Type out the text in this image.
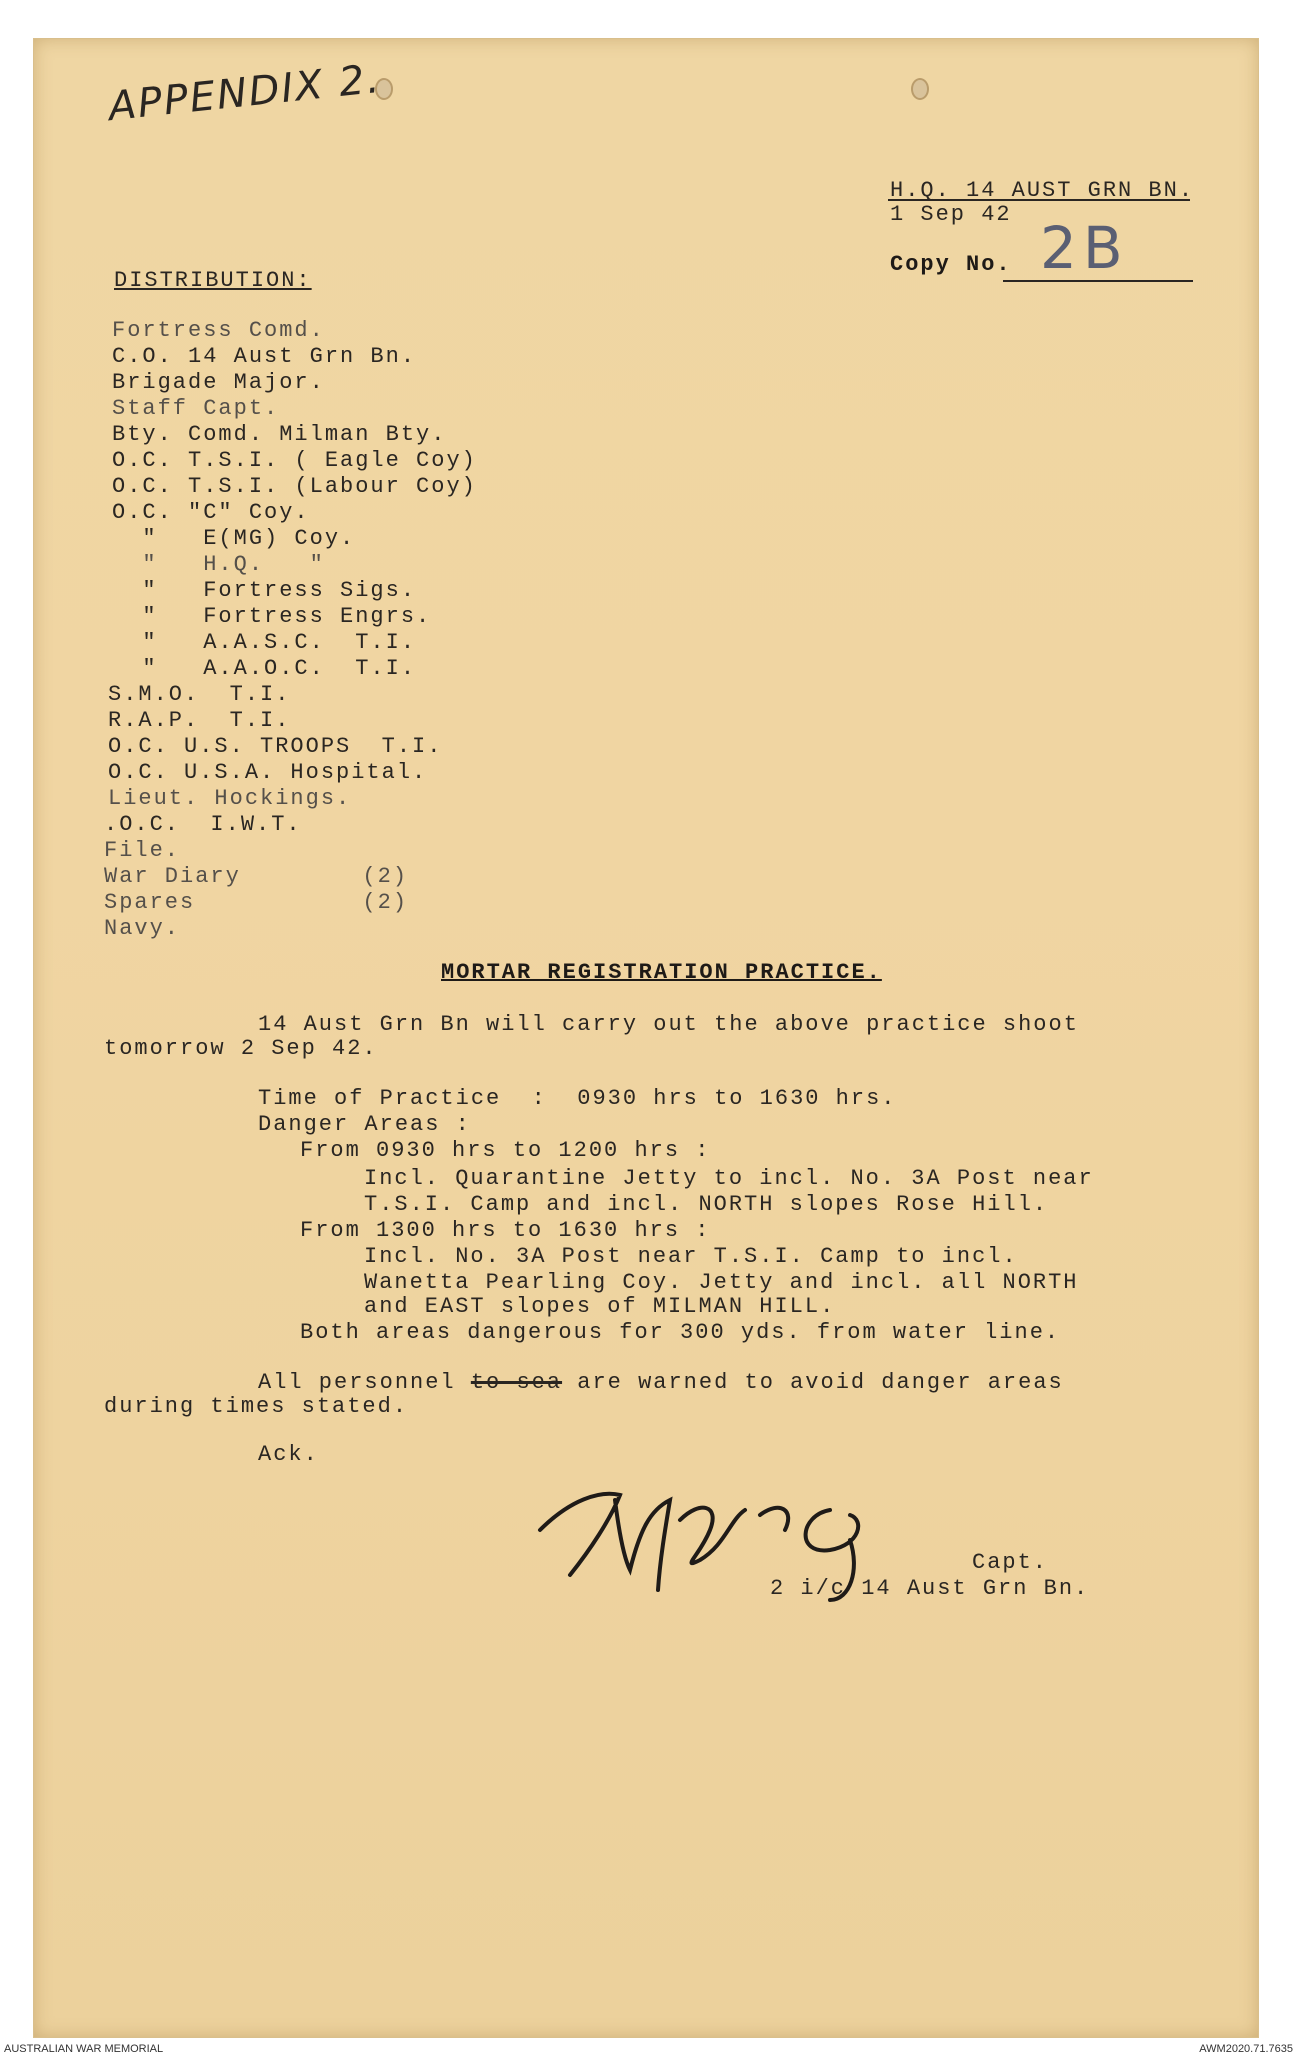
APPENDIX 2.
H.Q. 14 AUST GRN BN.
1 Sep 42
Copy No. 2B
DISTRIBUTION:
Fortress Comd.
C.O. 14 Aust Grn Bn.
Brigade Major.
Staff Capt.
Bty. Comd. Milman Bty.
O.C. T.S.I. ( Eagle Coy)
O.C. T.S.I. (Labour Coy)
O.C. "C" Coy.
"   E(MG) Coy.
"   H.Q.   "
"   Fortress Sigs.
"   Fortress Engrs.
"   A.A.S.C.  T.I.
"   A.A.O.C.  T.I.
S.M.O.  T.I.
R.A.P.  T.I.
O.C. U.S. TROOPS  T.I.
O.C. U.S.A. Hospital.
Lieut. Hockings.
.O.C.  I.W.T.
File.
War Diary        (2)
Spares           (2)
Navy.
MORTAR REGISTRATION PRACTICE.
14 Aust Grn Bn will carry out the above practice shoot
tomorrow 2 Sep 42.
Time of Practice  :  0930 hrs to 1630 hrs.
Danger Areas :
From 0930 hrs to 1200 hrs :
Incl. Quarantine Jetty to incl. No. 3A Post near
T.S.I. Camp and incl. NORTH slopes Rose Hill.
From 1300 hrs to 1630 hrs :
Incl. No. 3A Post near T.S.I. Camp to incl.
Wanetta Pearling Coy. Jetty and incl. all NORTH
and EAST slopes of MILMAN HILL.
Both areas dangerous for 300 yds. from water line.
All personnel to sea are warned to avoid danger areas
during times stated.
Ack.
Capt.
2 i/c 14 Aust Grn Bn.
AUSTRALIAN WAR MEMORIAL	AWM2020.71.7635
